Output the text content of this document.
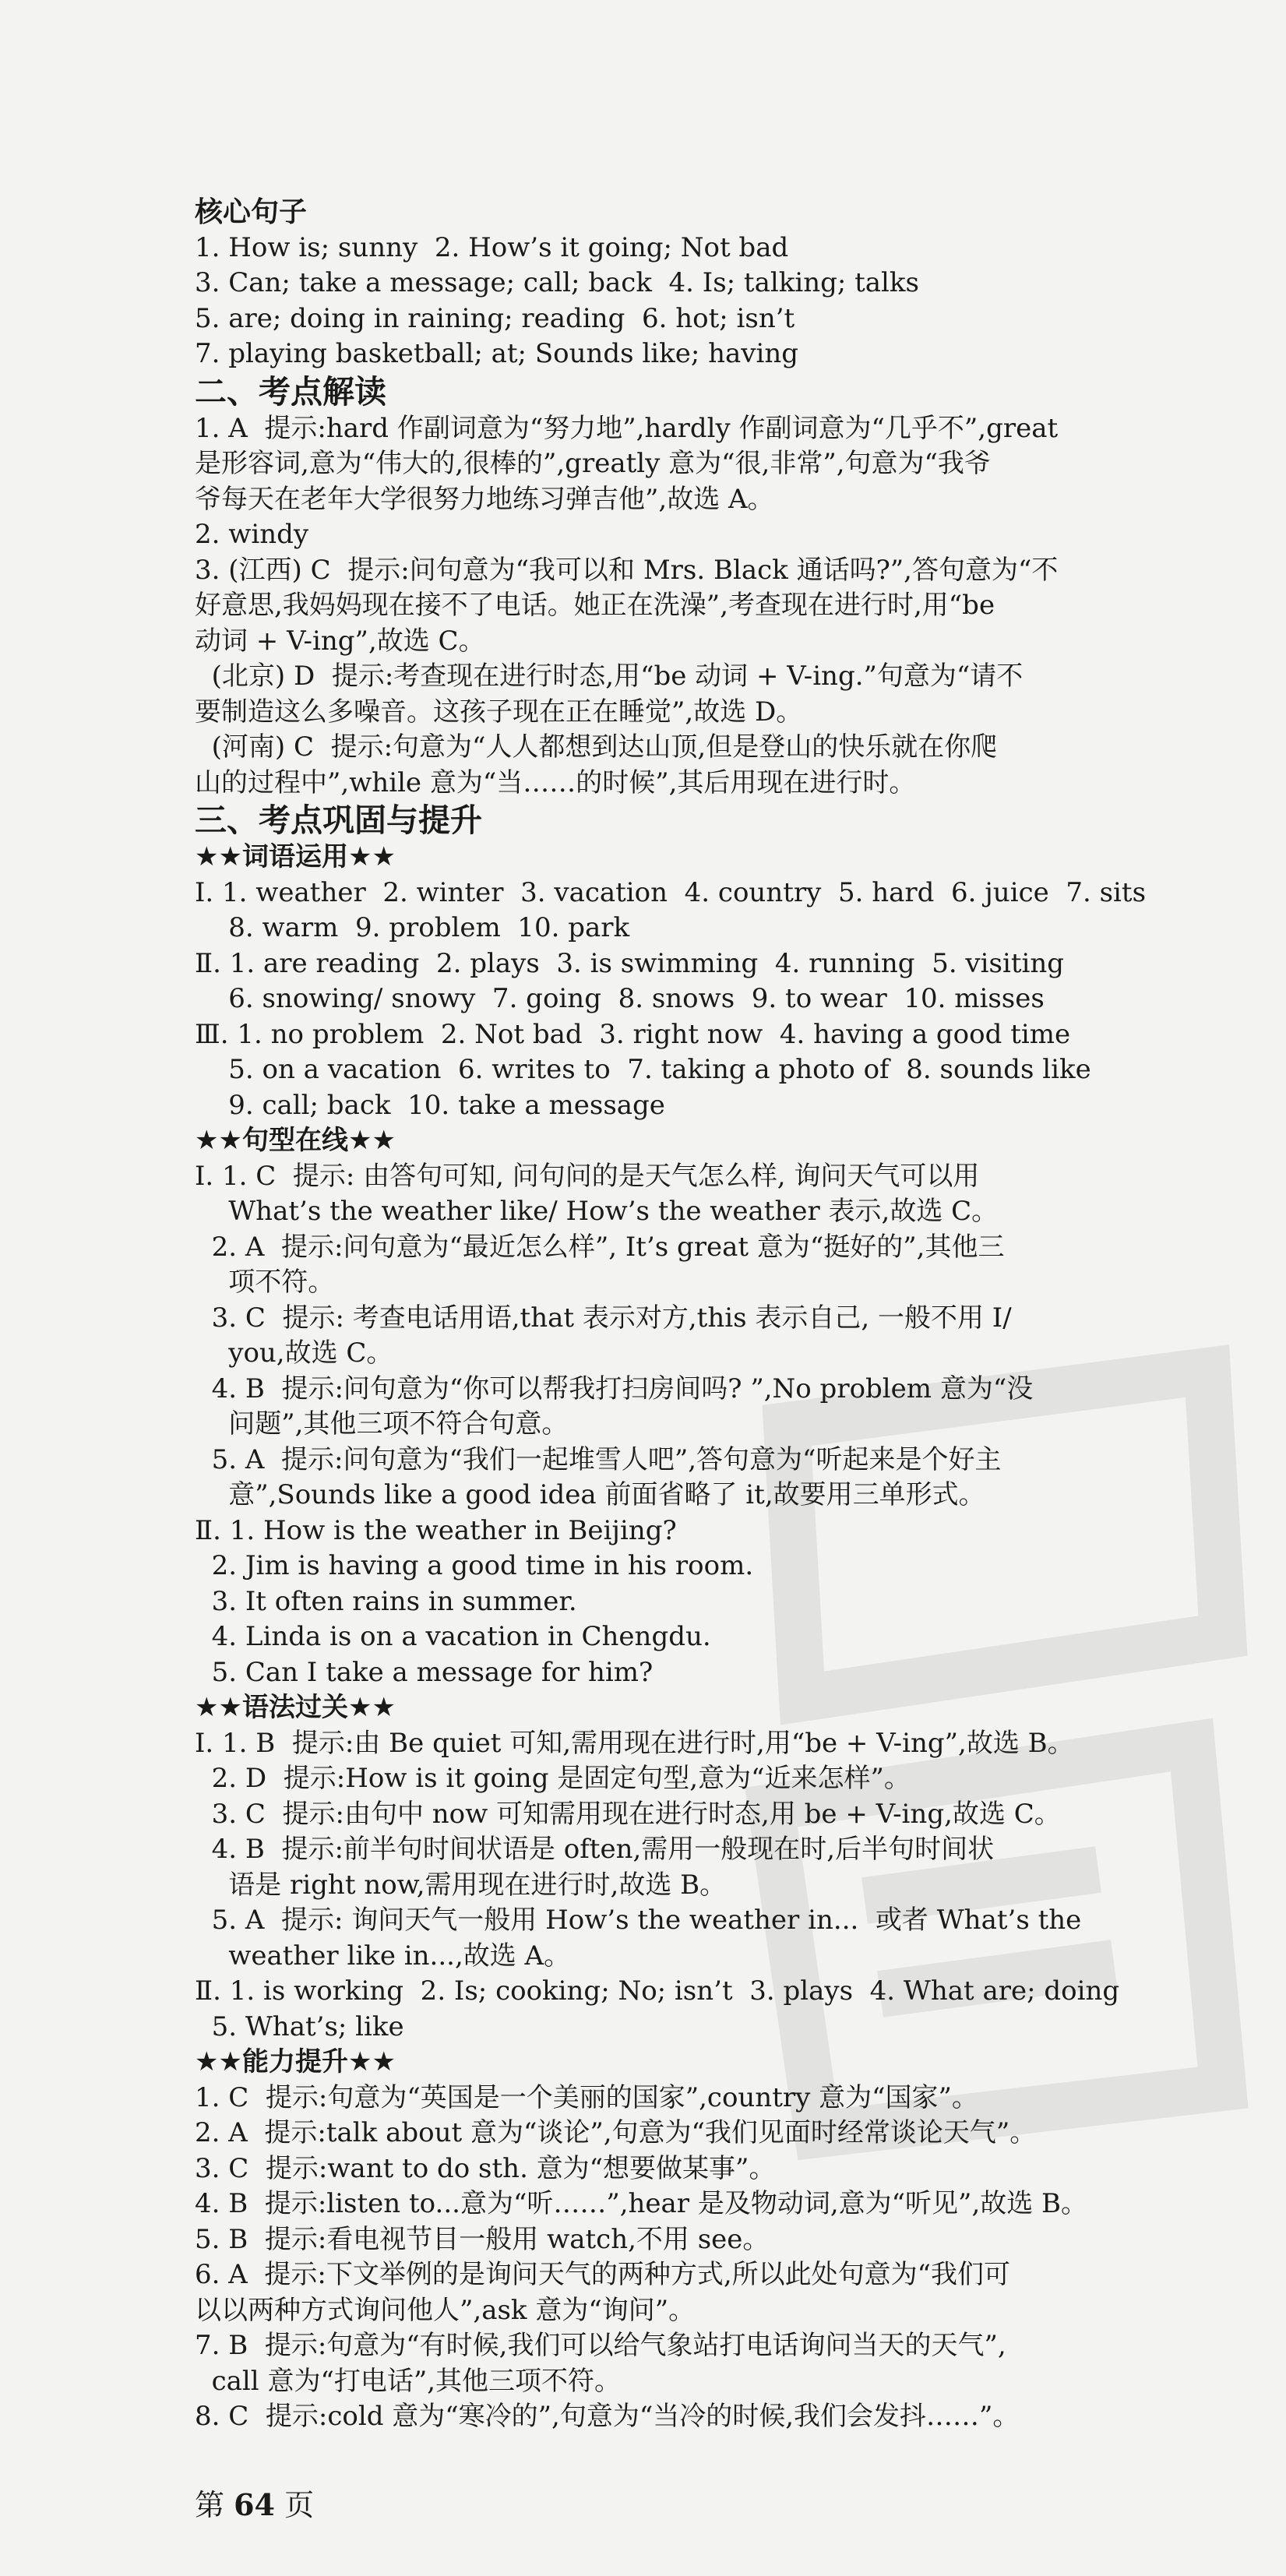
核心句子
1. How is; sunny  2. How’s it going; Not bad
3. Can; take a message; call; back  4. Is; talking; talks
5. are; doing in raining; reading  6. hot; isn’t
7. playing basketball; at; Sounds like; having
二、考点解读
1. A  提示:hard 作副词意为“努力地”,hardly 作副词意为“几乎不”,great
是形容词,意为“伟大的,很棒的”,greatly 意为“很,非常”,句意为“我爷
爷每天在老年大学很努力地练习弹吉他”,故选 A。
2. windy
3. (江西) C  提示:问句意为“我可以和 Mrs. Black 通话吗?”,答句意为“不
好意思,我妈妈现在接不了电话。她正在洗澡”,考查现在进行时,用“be
动词 + V-ing”,故选 C。
(北京) D  提示:考查现在进行时态,用“be 动词 + V-ing.”句意为“请不
要制造这么多噪音。这孩子现在正在睡觉”,故选 D。
(河南) C  提示:句意为“人人都想到达山顶,但是登山的快乐就在你爬
山的过程中”,while 意为“当……的时候”,其后用现在进行时。
三、考点巩固与提升
★★词语运用★★
Ⅰ. 1. weather  2. winter  3. vacation  4. country  5. hard  6. juice  7. sits
8. warm  9. problem  10. park
Ⅱ. 1. are reading  2. plays  3. is swimming  4. running  5. visiting
6. snowing/ snowy  7. going  8. snows  9. to wear  10. misses
Ⅲ. 1. no problem  2. Not bad  3. right now  4. having a good time
5. on a vacation  6. writes to  7. taking a photo of  8. sounds like
9. call; back  10. take a message
★★句型在线★★
Ⅰ. 1. C  提示: 由答句可知, 问句问的是天气怎么样, 询问天气可以用
What’s the weather like/ How’s the weather 表示,故选 C。
2. A  提示:问句意为“最近怎么样”, It’s great 意为“挺好的”,其他三
项不符。
3. C  提示: 考查电话用语,that 表示对方,this 表示自己, 一般不用 I/
you,故选 C。
4. B  提示:问句意为“你可以帮我打扫房间吗? ”,No problem 意为“没
问题”,其他三项不符合句意。
5. A  提示:问句意为“我们一起堆雪人吧”,答句意为“听起来是个好主
意”,Sounds like a good idea 前面省略了 it,故要用三单形式。
Ⅱ. 1. How is the weather in Beijing?
2. Jim is having a good time in his room.
3. It often rains in summer.
4. Linda is on a vacation in Chengdu.
5. Can I take a message for him?
★★语法过关★★
Ⅰ. 1. B  提示:由 Be quiet 可知,需用现在进行时,用“be + V-ing”,故选 B。
2. D  提示:How is it going 是固定句型,意为“近来怎样”。
3. C  提示:由句中 now 可知需用现在进行时态,用 be + V-ing,故选 C。
4. B  提示:前半句时间状语是 often,需用一般现在时,后半句时间状
语是 right now,需用现在进行时,故选 B。
5. A  提示: 询问天气一般用 How’s the weather in...  或者 What’s the
weather like in...,故选 A。
Ⅱ. 1. is working  2. Is; cooking; No; isn’t  3. plays  4. What are; doing
5. What’s; like
★★能力提升★★
1. C  提示:句意为“英国是一个美丽的国家”,country 意为“国家”。
2. A  提示:talk about 意为“谈论”,句意为“我们见面时经常谈论天气”。
3. C  提示:want to do sth. 意为“想要做某事”。
4. B  提示:listen to...意为“听……”,hear 是及物动词,意为“听见”,故选 B。
5. B  提示:看电视节目一般用 watch,不用 see。
6. A  提示:下文举例的是询问天气的两种方式,所以此处句意为“我们可
以以两种方式询问他人”,ask 意为“询问”。
7. B  提示:句意为“有时候,我们可以给气象站打电话询问当天的天气”,
call 意为“打电话”,其他三项不符。
8. C  提示:cold 意为“寒冷的”,句意为“当冷的时候,我们会发抖……”。
第 64 页
